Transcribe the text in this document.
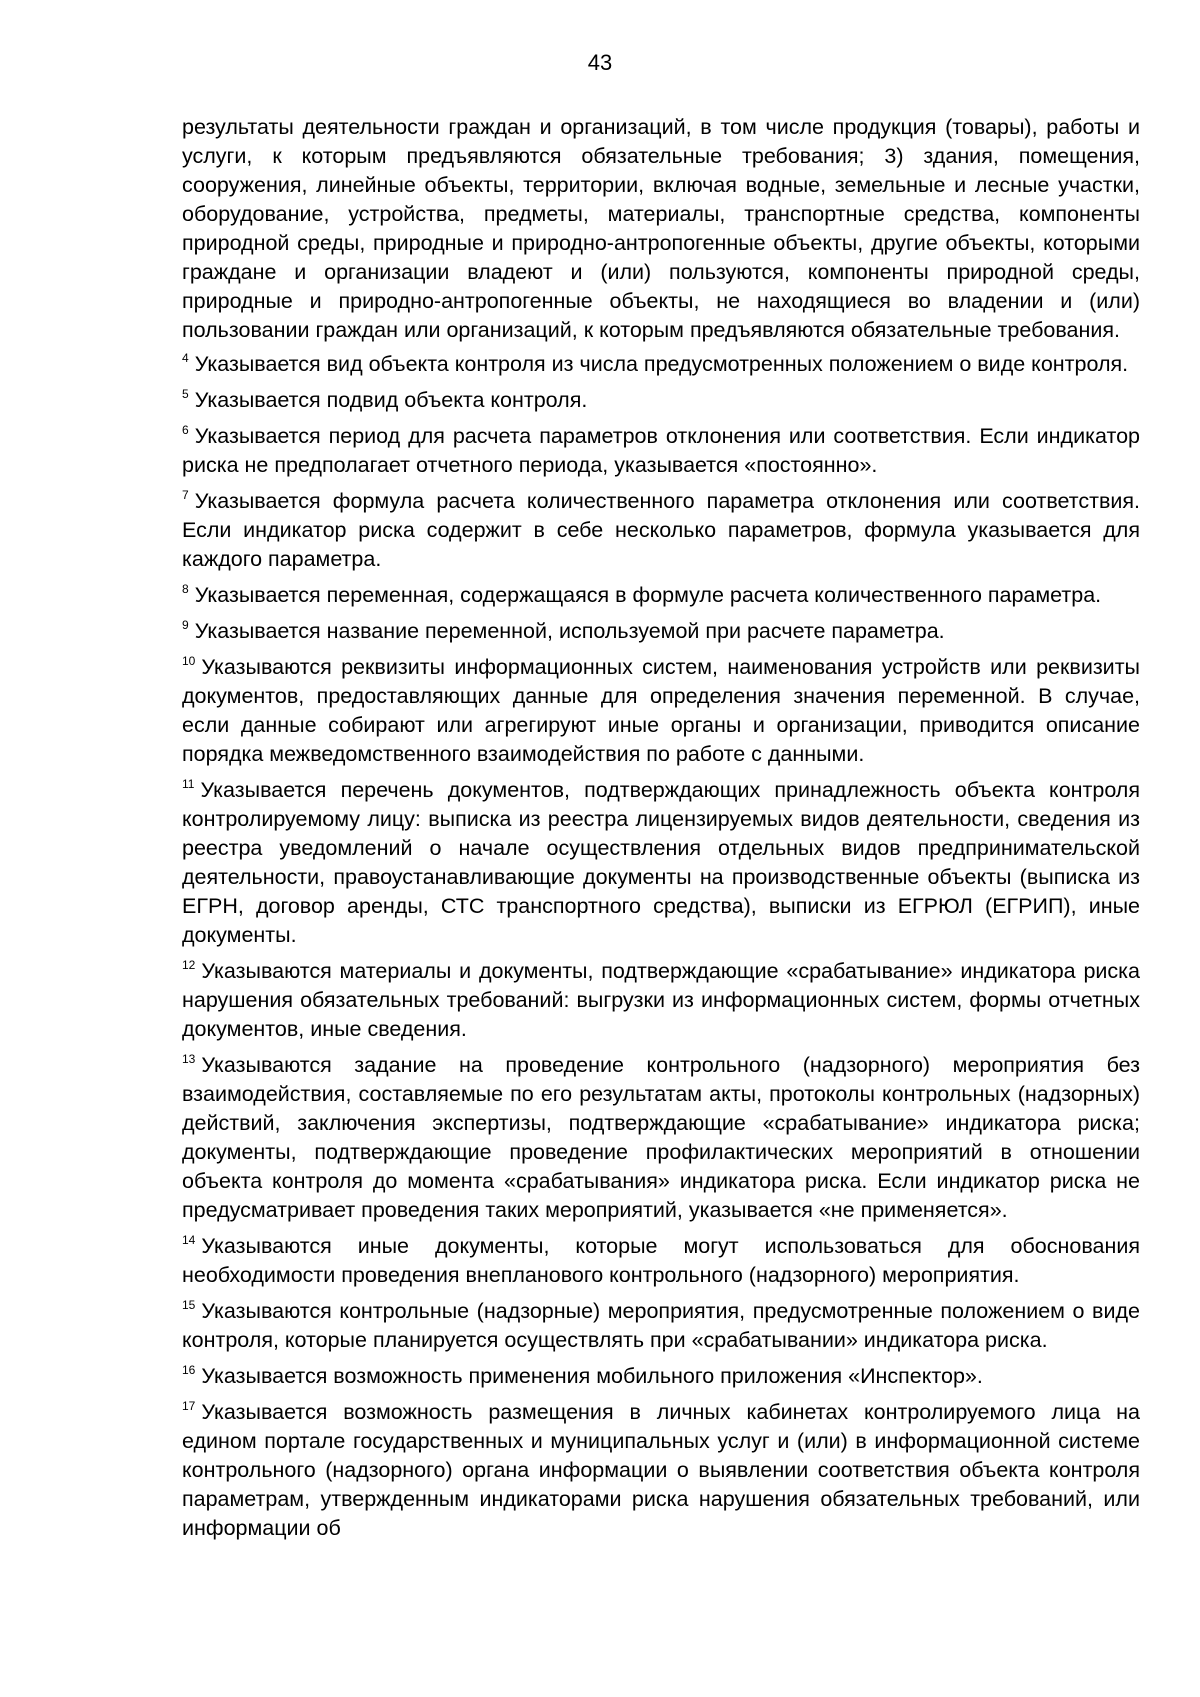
43

результаты деятельности граждан и организаций, в том числе продукция (товары), работы и услуги, к которым предъявляются обязательные требования; 3) здания, помещения, сооружения, линейные объекты, территории, включая водные, земельные и лесные участки, оборудование, устройства, предметы, материалы, транспортные средства, компоненты природной среды, природные и природно-антропогенные объекты, другие объекты, которыми граждане и организации владеют и (или) пользуются, компоненты природной среды, природные и природно-антропогенные объекты, не находящиеся во владении и (или) пользовании граждан или организаций, к которым предъявляются обязательные требования.

$^4$ Указывается вид объекта контроля из числа предусмотренных положением о виде контроля.

$^5$ Указывается подвид объекта контроля.

$^6$ Указывается период для расчета параметров отклонения или соответствия. Если индикатор риска не предполагает отчетного периода, указывается «постоянно».

$^7$ Указывается формула расчета количественного параметра отклонения или соответствия. Если индикатор риска содержит в себе несколько параметров, формула указывается для каждого параметра.

$^8$ Указывается переменная, содержащаяся в формуле расчета количественного параметра.

$^9$ Указывается название переменной, используемой при расчете параметра.

$^{10}$ Указываются реквизиты информационных систем, наименования устройств или реквизиты документов, предоставляющих данные для определения значения переменной. В случае, если данные собирают или агрегируют иные органы и организации, приводится описание порядка межведомственного взаимодействия по работе с данными.

$^{11}$ Указывается перечень документов, подтверждающих принадлежность объекта контроля контролируемому лицу: выписка из реестра лицензируемых видов деятельности, сведения из реестра уведомлений о начале осуществления отдельных видов предпринимательской деятельности, правоустанавливающие документы на производственные объекты (выписка из ЕГРН, договор аренды, СТС транспортного средства), выписки из ЕГРЮЛ (ЕГРИП), иные документы.

$^{12}$ Указываются материалы и документы, подтверждающие «срабатывание» индикатора риска нарушения обязательных требований: выгрузки из информационных систем, формы отчетных документов, иные сведения.

$^{13}$ Указываются задание на проведение контрольного (надзорного) мероприятия без взаимодействия, составляемые по его результатам акты, протоколы контрольных (надзорных) действий, заключения экспертизы, подтверждающие «срабатывание» индикатора риска; документы, подтверждающие проведение профилактических мероприятий в отношении объекта контроля до момента «срабатывания» индикатора риска. Если индикатор риска не предусматривает проведения таких мероприятий, указывается «не применяется».

$^{14}$ Указываются иные документы, которые могут использоваться для обоснования необходимости проведения внепланового контрольного (надзорного) мероприятия.

$^{15}$ Указываются контрольные (надзорные) мероприятия, предусмотренные положением о виде контроля, которые планируется осуществлять при «срабатывании» индикатора риска.

$^{16}$ Указывается возможность применения мобильного приложения «Инспектор».

$^{17}$ Указывается возможность размещения в личных кабинетах контролируемого лица на едином портале государственных и муниципальных услуг и (или) в информационной системе контрольного (надзорного) органа информации о выявлении соответствия объекта контроля параметрам, утвержденным индикаторами риска нарушения обязательных требований, или информации об
